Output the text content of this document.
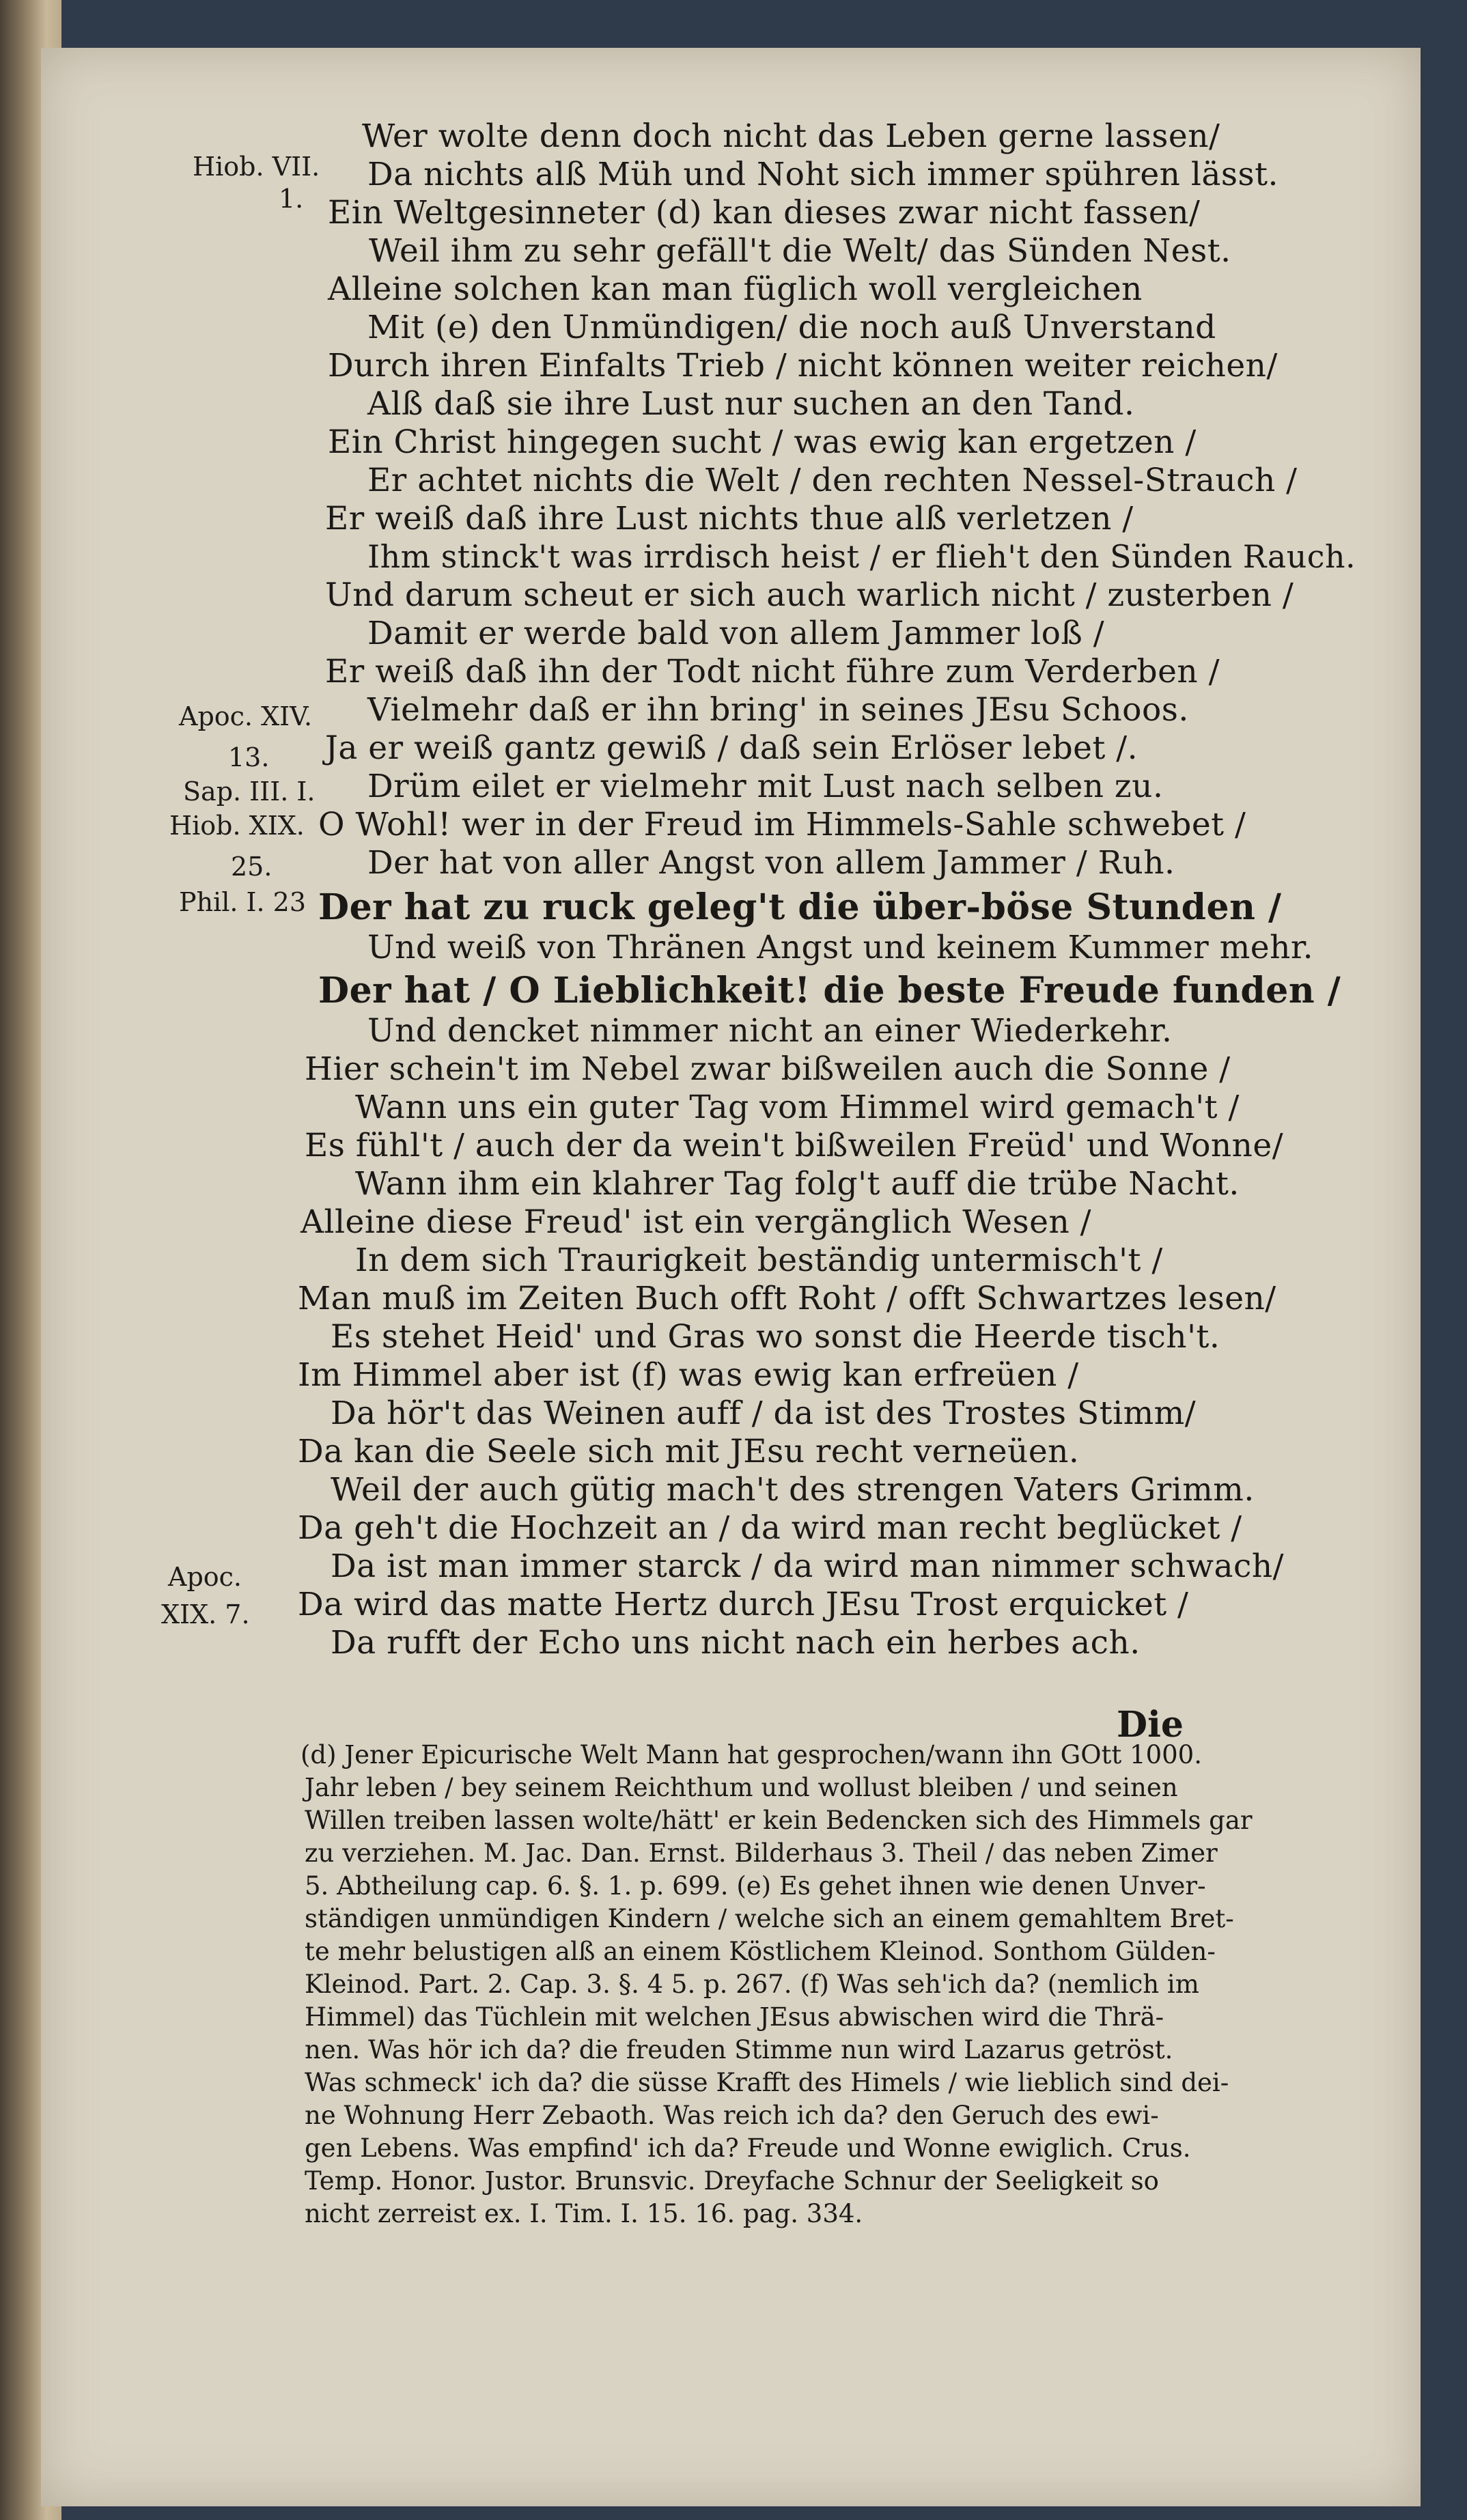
Hiob. VII.
1.
Apoc. XIV.
13.
Sap. III. I.
Hiob. XIX.
25.
Phil. I. 23
Apoc.
XIX. 7.
Wer wolte denn doch nicht das Leben gerne lassen/
Da nichts alß Müh und Noht sich immer spühren lässt.
Ein Weltgesinneter (d) kan dieses zwar nicht fassen/
Weil ihm zu sehr gefäll't die Welt/ das Sünden Nest.
Alleine solchen kan man füglich woll vergleichen
Mit (e) den Unmündigen/ die noch auß Unverstand
Durch ihren Einfalts Trieb / nicht können weiter reichen/
Alß daß sie ihre Lust nur suchen an den Tand.
Ein Christ hingegen sucht / was ewig kan ergetzen /
Er achtet nichts die Welt / den rechten Nessel-Strauch /
Er weiß daß ihre Lust nichts thue alß verletzen /
Ihm stinck't was irrdisch heist / er flieh't den Sünden Rauch.
Und darum scheut er sich auch warlich nicht / zusterben /
Damit er werde bald von allem Jammer loß /
Er weiß daß ihn der Todt nicht führe zum Verderben /
Vielmehr daß er ihn bring' in seines JEsu Schoos.
Ja er weiß gantz gewiß / daß sein Erlöser lebet /.
Drüm eilet er vielmehr mit Lust nach selben zu.
O Wohl! wer in der Freud im Himmels-Sahle schwebet /
Der hat von aller Angst von allem Jammer / Ruh.
Der hat zu ruck geleg't die über-böse Stunden /
Und weiß von Thränen Angst und keinem Kummer mehr.
Der hat / O Lieblichkeit! die beste Freude funden /
Und dencket nimmer nicht an einer Wiederkehr.
Hier schein't im Nebel zwar bißweilen auch die Sonne /
Wann uns ein guter Tag vom Himmel wird gemach't /
Es fühl't / auch der da wein't bißweilen Freüd' und Wonne/
Wann ihm ein klahrer Tag folg't auff die trübe Nacht.
Alleine diese Freud' ist ein vergänglich Wesen /
In dem sich Traurigkeit beständig untermisch't /
Man muß im Zeiten Buch offt Roht / offt Schwartzes lesen/
Es stehet Heid' und Gras wo sonst die Heerde tisch't.
Im Himmel aber ist (f) was ewig kan erfreüen /
Da hör't das Weinen auff / da ist des Trostes Stimm/
Da kan die Seele sich mit JEsu recht verneüen.
Weil der auch gütig mach't des strengen Vaters Grimm.
Da geh't die Hochzeit an / da wird man recht beglücket /
Da ist man immer starck / da wird man nimmer schwach/
Da wird das matte Hertz durch JEsu Trost erquicket /
Da rufft der Echo uns nicht nach ein herbes ach.
Die
(d) Jener Epicurische Welt Mann hat gesprochen/wann ihn GOtt 1000.
Jahr leben / bey seinem Reichthum und wollust bleiben / und seinen
Willen treiben lassen wolte/hätt' er kein Bedencken sich des Himmels gar
zu verziehen. M. Jac. Dan. Ernst. Bilderhaus 3. Theil / das neben Zimer
5. Abtheilung cap. 6. §. 1. p. 699. (e) Es gehet ihnen wie denen Unver-
ständigen unmündigen Kindern / welche sich an einem gemahltem Bret-
te mehr belustigen alß an einem Köstlichem Kleinod. Sonthom Gülden-
Kleinod. Part. 2. Cap. 3. §. 4 5. p. 267. (f) Was seh'ich da? (nemlich im
Himmel) das Tüchlein mit welchen JEsus abwischen wird die Thrä-
nen. Was hör ich da? die freuden Stimme nun wird Lazarus getröst.
Was schmeck' ich da? die süsse Krafft des Himels / wie lieblich sind dei-
ne Wohnung Herr Zebaoth. Was reich ich da? den Geruch des ewi-
gen Lebens. Was empfind' ich da? Freude und Wonne ewiglich. Crus.
Temp. Honor. Justor. Brunsvic. Dreyfache Schnur der Seeligkeit so
nicht zerreist ex. I. Tim. I. 15. 16. pag. 334.
